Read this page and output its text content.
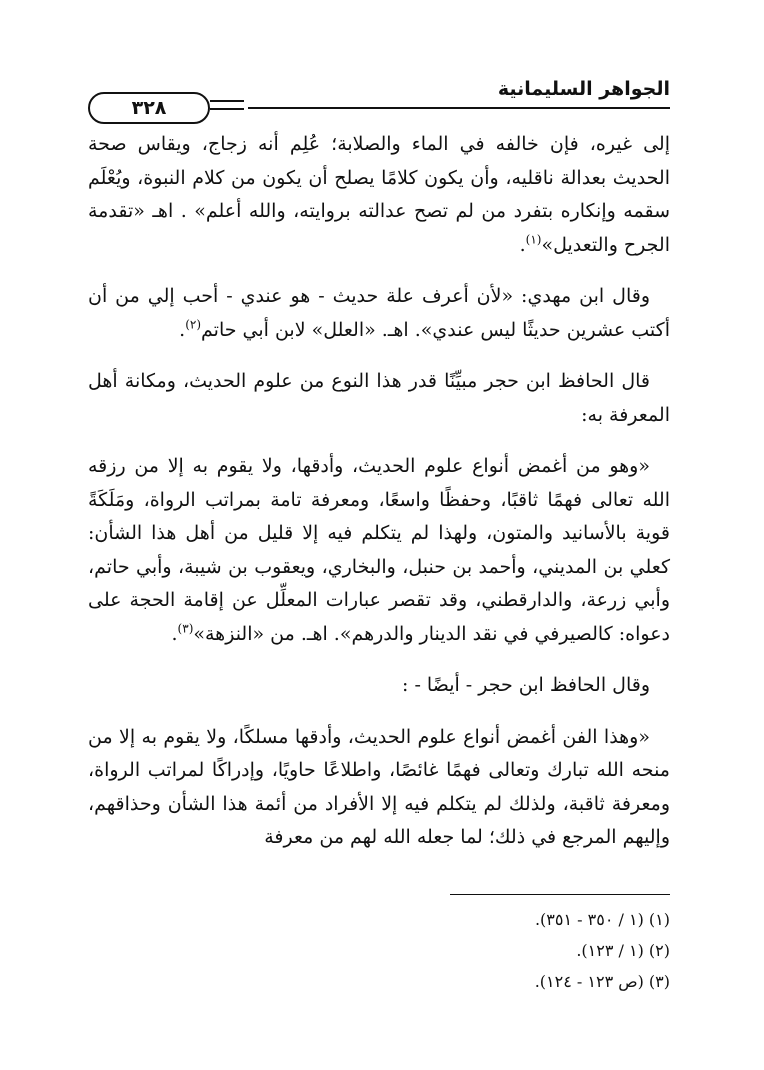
الجواهر السليمانية
٣٢٨

إلى غيره، فإن خالفه في الماء والصلابة؛ عُلِم أنه زجاج، ويقاس صحة الحديث بعدالة ناقليه، وأن يكون كلامًا يصلح أن يكون من كلام النبوة، ويُعْلَم سقمه وإنكاره بتفرد من لم تصح عدالته بروايته، والله أعلم» . اهـ «تقدمة الجرح والتعديل»$^{(١)}$.

وقال ابن مهدي: «لأن أعرف علة حديث - هو عندي - أحب إلي من أن أكتب عشرين حديثًا ليس عندي». اهـ. «العلل» لابن أبي حاتم$^{(٢)}$.

قال الحافظ ابن حجر مبيِّنًا قدر هذا النوع من علوم الحديث، ومكانة أهل المعرفة به:

«وهو من أغمض أنواع علوم الحديث، وأدقها، ولا يقوم به إلا من رزقه الله تعالى فهمًا ثاقبًا، وحفظًا واسعًا، ومعرفة تامة بمراتب الرواة، ومَلَكَةً قوية بالأسانيد والمتون، ولهذا لم يتكلم فيه إلا قليل من أهل هذا الشأن: كعلي بن المديني، وأحمد بن حنبل، والبخاري، ويعقوب بن شيبة، وأبي حاتم، وأبي زرعة، والدارقطني، وقد تقصر عبارات المعلِّل عن إقامة الحجة على دعواه: كالصيرفي في نقد الدينار والدرهم». اهـ. من «النزهة»$^{(٣)}$.

وقال الحافظ ابن حجر - أيضًا - :

«وهذا الفن أغمض أنواع علوم الحديث، وأدقها مسلكًا، ولا يقوم به إلا من منحه الله تبارك وتعالى فهمًا غائصًا، واطلاعًا حاويًا، وإدراكًا لمراتب الرواة، ومعرفة ثاقبة، ولذلك لم يتكلم فيه إلا الأفراد من أئمة هذا الشأن وحذاقهم، وإليهم المرجع في ذلك؛ لما جعله الله لهم من معرفة

(١) (١ / ٣٥٠ - ٣٥١).

(٢) (١ / ١٢٣).

(٣) (ص ١٢٣ - ١٢٤).
